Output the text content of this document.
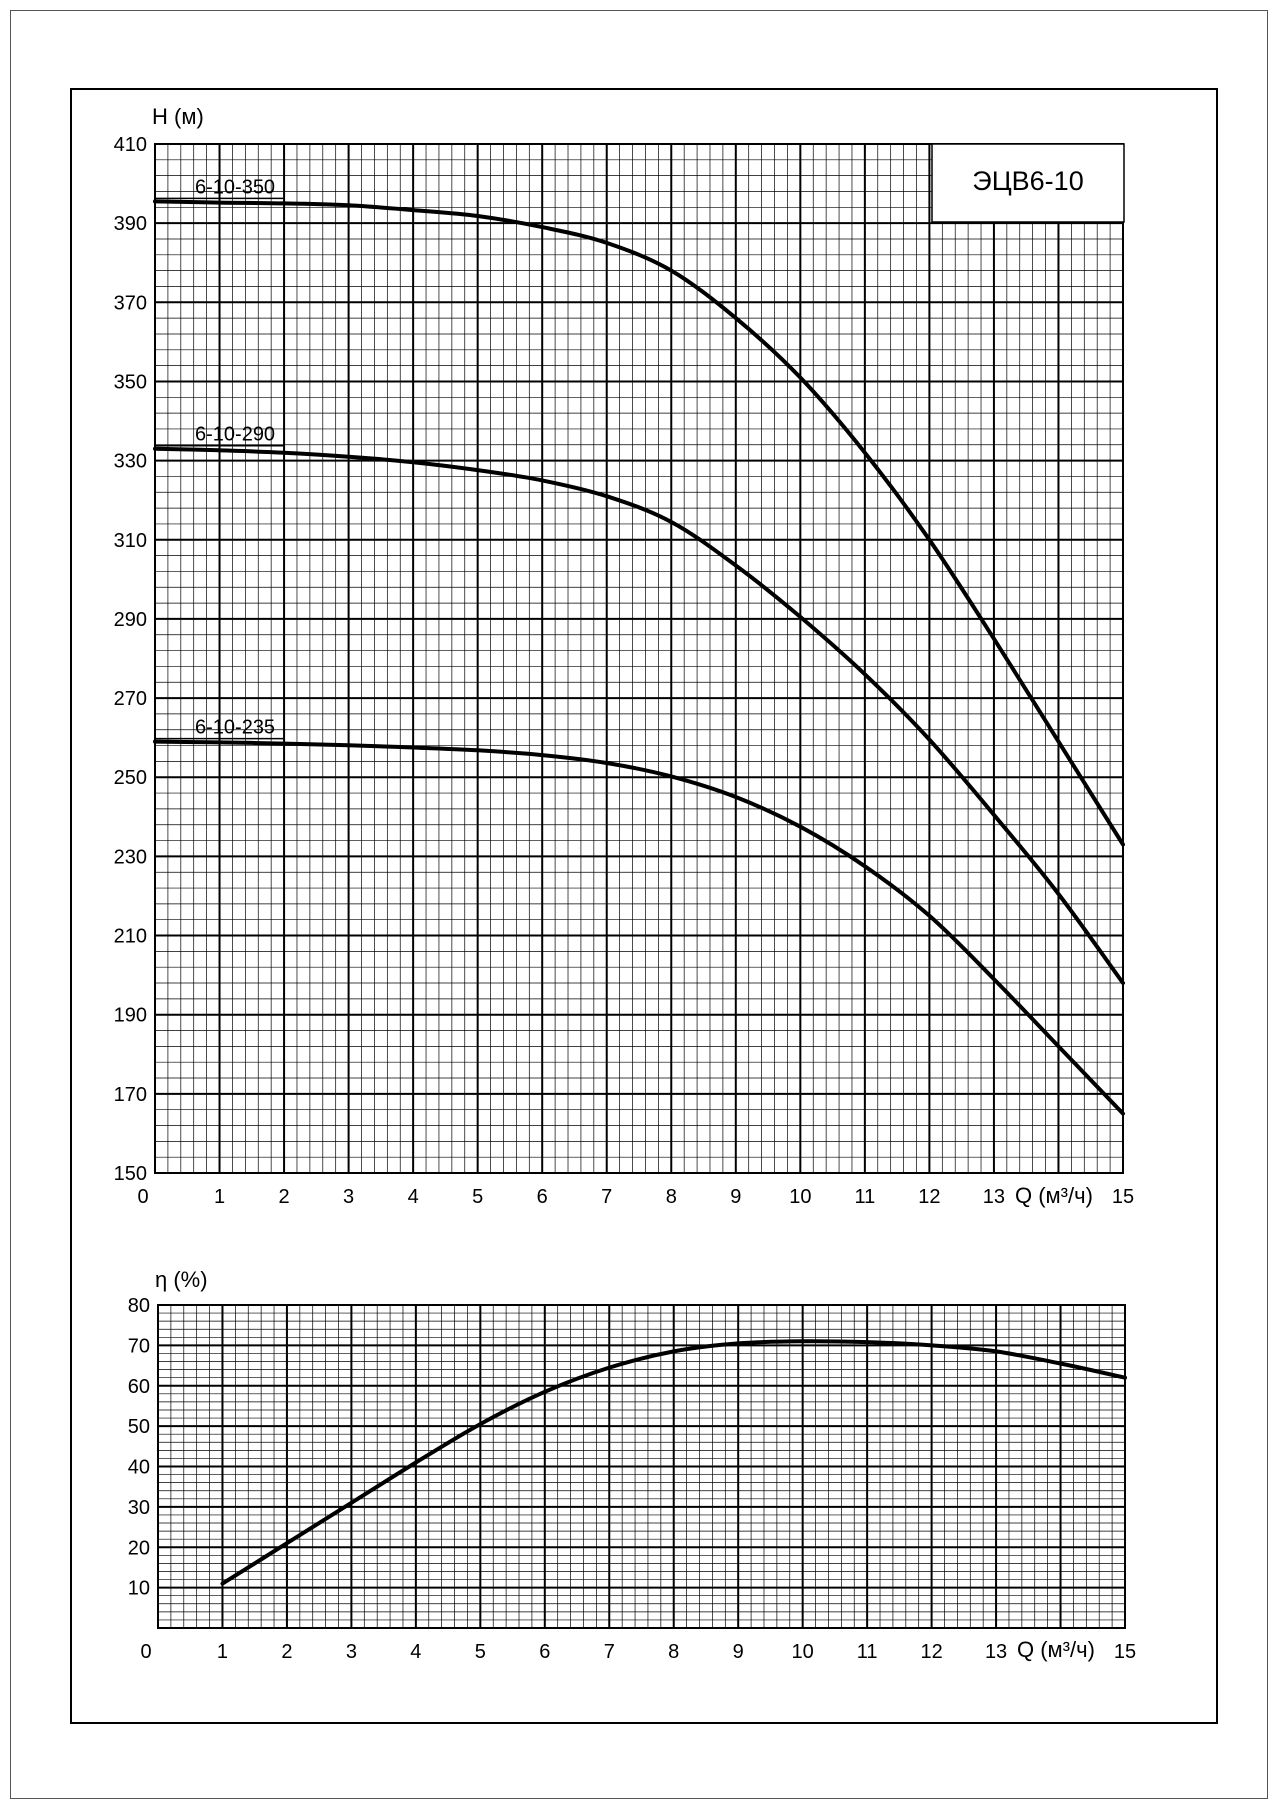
6-10-350
6-10-290
6-10-235
150
170
190
210
230
250
270
290
310
330
350
370
390
410
0	1	2	3	4	5	6	7	8	9 10 11 12 13	15
ЭЦВ6-10
H (м)
Q (м³/ч)
10
20
30
40
50
60
70
80
0	1	2	3	4	5	6	7	8	9 10 11 12 13	15
η (%)
Q (м³/ч)
